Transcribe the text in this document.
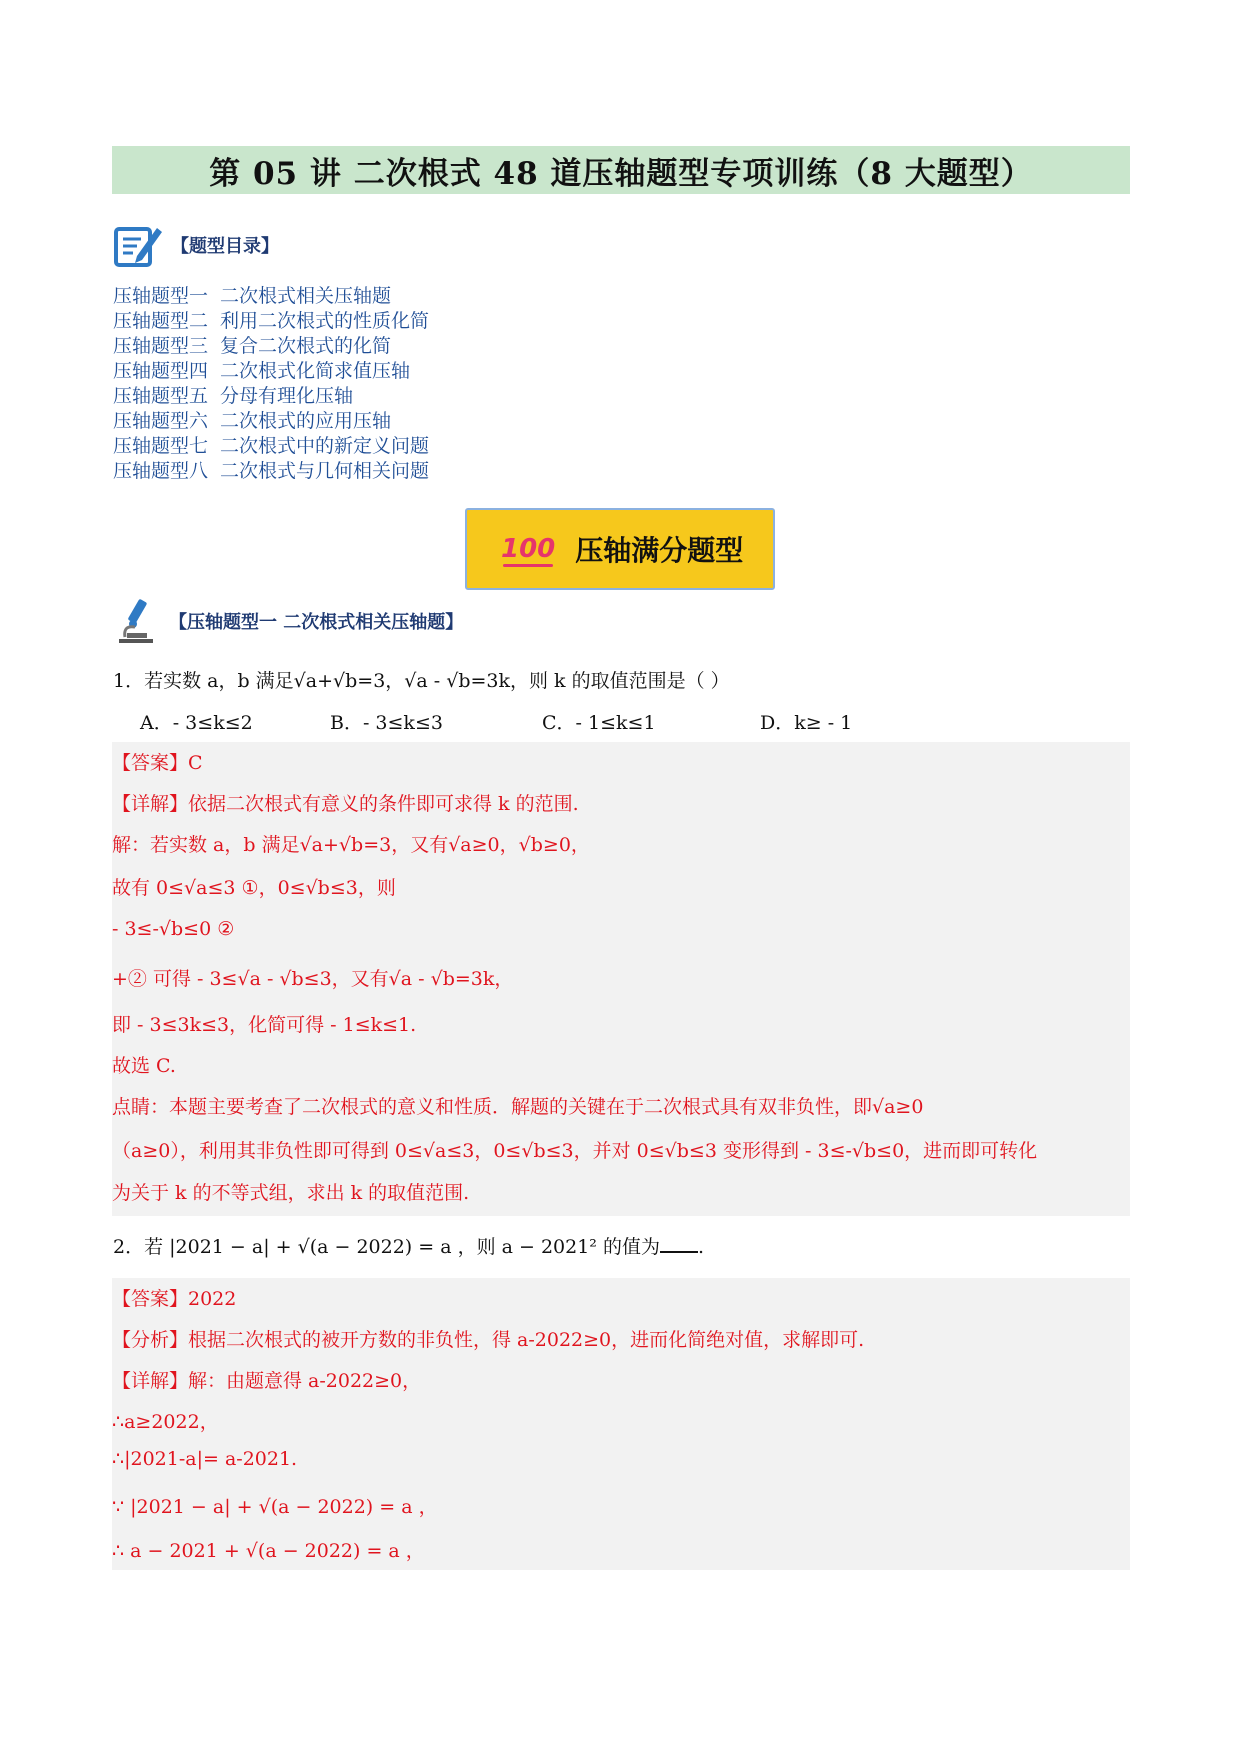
第 05 讲 二次根式 48 道压轴题型专项训练（8 大题型）
【题型目录】
压轴题型一 二次根式相关压轴题
压轴题型二 利用二次根式的性质化简
压轴题型三 复合二次根式的化简
压轴题型四 二次根式化简求值压轴
压轴题型五 分母有理化压轴
压轴题型六 二次根式的应用压轴
压轴题型七 二次根式中的新定义问题
压轴题型八 二次根式与几何相关问题
100 压轴满分题型
【压轴题型一 二次根式相关压轴题】
1．若实数 a，b 满足√a+√b=3，√a - √b=3k，则 k 的取值范围是（ ）
A．- 3≤k≤2	B．- 3≤k≤3	C．- 1≤k≤1	D．k≥ - 1
【答案】C
【详解】依据二次根式有意义的条件即可求得 k 的范围.
解：若实数 a，b 满足√a+√b=3，又有√a≥0，√b≥0，
故有 0≤√a≤3 ①，0≤√b≤3，则
- 3≤-√b≤0 ②
+② 可得 - 3≤√a - √b≤3，又有√a - √b=3k，
即 - 3≤3k≤3，化简可得 - 1≤k≤1.
故选 C.
点睛：本题主要考查了二次根式的意义和性质．解题的关键在于二次根式具有双非负性，即√a≥0
（a≥0），利用其非负性即可得到 0≤√a≤3，0≤√b≤3，并对 0≤√b≤3 变形得到 - 3≤-√b≤0，进而即可转化
为关于 k 的不等式组，求出 k 的取值范围.
2．若 |2021 − a| + √(a − 2022) = a ，则 a − 2021² 的值为 .
【答案】2022
【分析】根据二次根式的被开方数的非负性，得 a-2022≥0，进而化简绝对值，求解即可.
【详解】解：由题意得 a-2022≥0，
∴a≥2022，
∴|2021-a|= a-2021.
∵ |2021 − a| + √(a − 2022) = a ，
∴ a − 2021 + √(a − 2022) = a ，
